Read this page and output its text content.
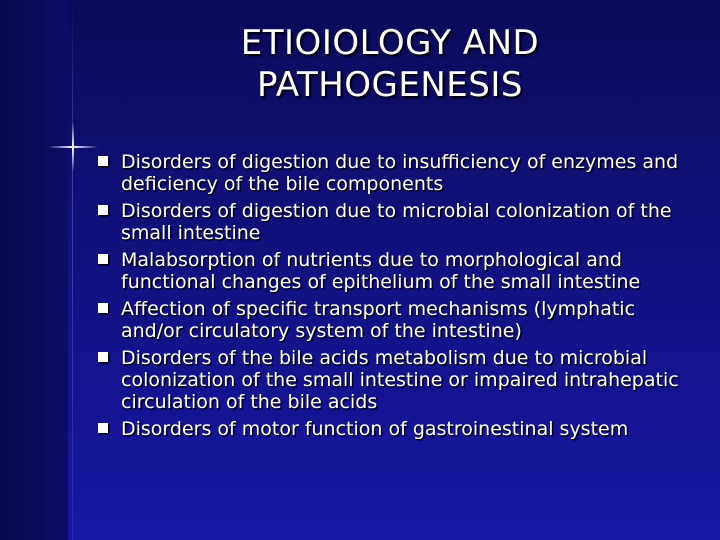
ETIOIOLOGY AND
PATHOGENESIS
Disorders of digestion due to insufficiency of enzymes and deficiency of the bile components
Disorders of digestion due to microbial colonization of the small intestine
Malabsorption of nutrients due to morphological and functional changes of epithelium of the small intestine
Affection of specific transport mechanisms (lymphatic and/or circulatory system of the intestine)
Disorders of the bile acids metabolism due to microbial colonization of the small intestine or impaired intrahepatic circulation of the bile acids
Disorders of motor function of gastroinestinal system
